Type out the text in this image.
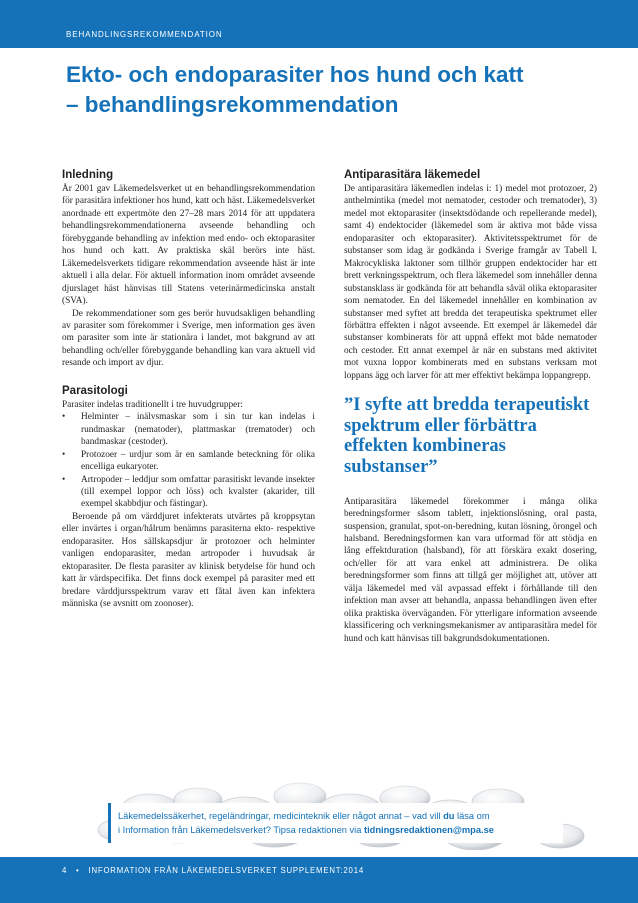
BEHANDLINGSREKOMMENDATION
Ekto- och endoparasiter hos hund och katt
– behandlingsrekommendation
Inledning

År 2001 gav Läkemedelsverket ut en behandlingsrekommendation för parasitära infektioner hos hund, katt och häst. Läkemedelsverket anordnade ett expertmöte den 27–28 mars 2014 för att uppdatera behandlingsrekommendationerna avseende behandling och förebyggande behandling av infektion med endo- och ektoparasiter hos hund och katt. Av praktiska skäl berörs inte häst. Läkemedelsverkets tidigare rekommendation avseende häst är inte aktuell i alla delar. För aktuell information inom området avseende djurslaget häst hänvisas till Statens veterinärmedicinska anstalt (SVA).

De rekommendationer som ges berör huvudsakligen behandling av parasiter som förekommer i Sverige, men information ges även om parasiter som inte är stationära i landet, mot bakgrund av att behandling och/eller förebyggande behandling kan vara aktuell vid resande och import av djur.

Parasitologi

Parasiter indelas traditionellt i tre huvudgrupper:

• Helminter – inälvsmaskar som i sin tur kan indelas i rundmaskar (nematoder), plattmaskar (trematoder) och bandmaskar (cestoder).
• Protozoer – urdjur som är en samlande beteckning för olika encelliga eukaryoter.
• Artropoder – leddjur som omfattar parasitiskt levande insekter (till exempel loppor och löss) och kvalster (akarider, till exempel skabbdjur och fästingar).

Beroende på om värddjuret infekterats utvärtes på kroppsytan eller invärtes i organ/hålrum benämns parasiterna ekto- respektive endoparasiter. Hos sällskapsdjur är protozoer och helminter vanligen endoparasiter, medan artropoder i huvudsak är ektoparasiter. De flesta parasiter av klinisk betydelse för hund och katt är värdspecifika. Det finns dock exempel på parasiter med ett bredare värddjursspektrum varav ett fåtal även kan infektera människa (se avsnitt om zoonoser).

Antiparasitära läkemedel

De antiparasitära läkemedlen indelas i: 1) medel mot protozoer, 2) anthelmintika (medel mot nematoder, cestoder och trematoder), 3) medel mot ektoparasiter (insektsdödande och repellerande medel), samt 4) endektocider (läkemedel som är aktiva mot både vissa endoparasiter och ektoparasiter). Aktivitetsspektrumet för de substanser som idag är godkända i Sverige framgår av Tabell I. Makrocykliska laktoner som tillhör gruppen endektocider har ett brett verkningsspektrum, och flera läkemedel som innehåller denna substansklass är godkända för att behandla såväl olika ektoparasiter som nematoder. En del läkemedel innehåller en kombination av substanser med syftet att bredda det terapeutiska spektrumet eller förbättra effekten i något avseende. Ett exempel är läkemedel där substanser kombinerats för att uppnå effekt mot både nematoder och cestoder. Ett annat exempel är när en substans med aktivitet mot vuxna loppor kombinerats med en substans verksam mot loppans ägg och larver för att mer effektivt bekämpa loppangrepp.

”I syfte att bredda terapeutiskt spektrum eller förbättra effekten kombineras substanser”

Antiparasitära läkemedel förekommer i många olika beredningsformer såsom tablett, injektionslösning, oral pasta, suspension, granulat, spot-on-beredning, kutan lösning, örongel och halsband. Beredningsformen kan vara utformad för att stödja en lång effektduration (halsband), för att förskära exakt dosering, och/eller för att vara enkel att administrera. De olika beredningsformer som finns att tillgå ger möjlighet att, utöver att välja läkemedel med väl avpassad effekt i förhållande till den infektion man avser att behandla, anpassa behandlingen även efter olika praktiska överväganden. För ytterligare information avseende klassificering och verkningsmekanismer av antiparasitära medel för hund och katt hänvisas till bakgrundsdokumentationen.

Läkemedelssäkerhet, regeländringar, medicinteknik eller något annat – vad vill du läsa om
i Information från Läkemedelsverket? Tipsa redaktionen via tidningsredaktionen@mpa.se
4 • INFORMATION FRÅN LÄKEMEDELSVERKET SUPPLEMENT:2014
